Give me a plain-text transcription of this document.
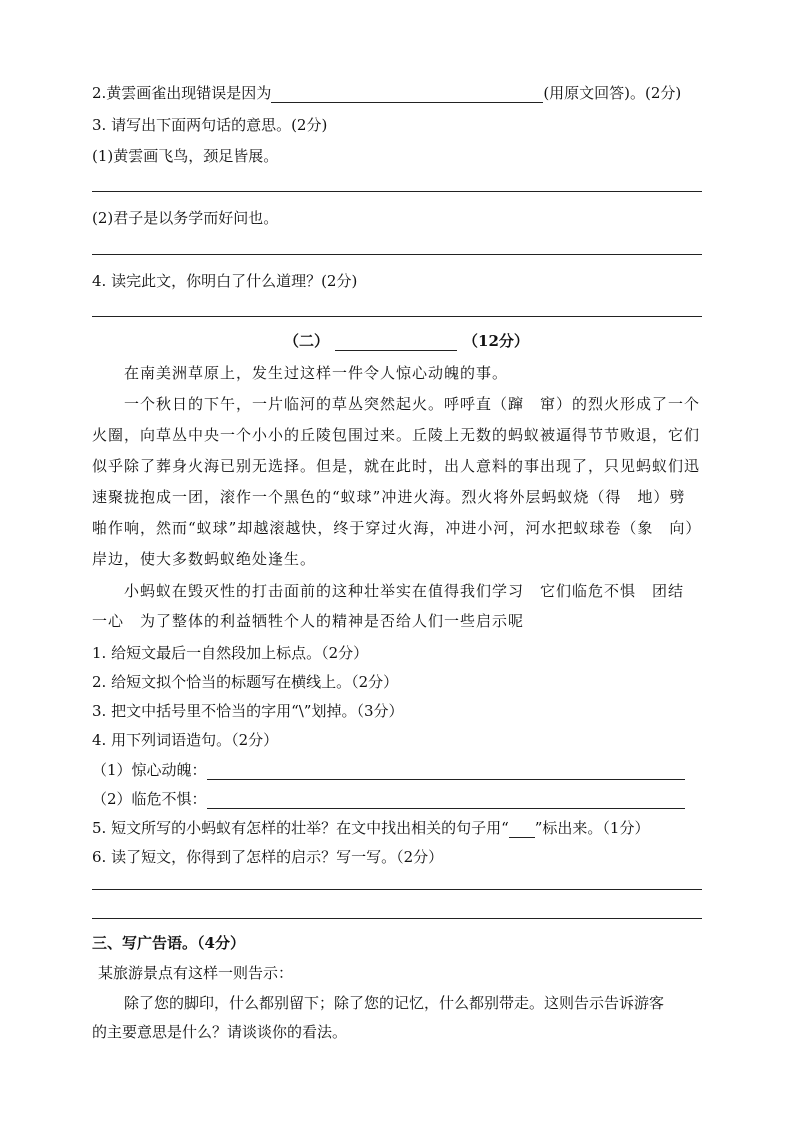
2.黄雲画雀出现错误是因为	(用原文回答)。(2分)
3. 请写出下面两句话的意思。(2分)
(1)黄雲画飞鸟，颈足皆展。
(2)君子是以务学而好问也。
4. 读完此文，你明白了什么道理？(2分)
（二）	（12分）
在南美洲草原上，发生过这样一件令人惊心动魄的事。
一个秋日的下午，一片临河的草丛突然起火。呼呼直（蹿　窜）的烈火形成了一个
火圈，向草丛中央一个小小的丘陵包围过来。丘陵上无数的蚂蚁被逼得节节败退，它们
似乎除了葬身火海已别无选择。但是，就在此时，出人意料的事出现了，只见蚂蚁们迅
速聚拢抱成一团，滚作一个黑色的“蚁球”冲进火海。烈火将外层蚂蚁烧（得　地）劈
啪作响，然而“蚁球”却越滚越快，终于穿过火海，冲进小河，河水把蚁球卷（象　向）
岸边，使大多数蚂蚁绝处逢生。
小蚂蚁在毁灭性的打击面前的这种壮举实在值得我们学习　它们临危不惧　团结
一心　为了整体的利益牺牲个人的精神是否给人们一些启示呢
1. 给短文最后一自然段加上标点。（2分）
2. 给短文拟个恰当的标题写在横线上。（2分）
3. 把文中括号里不恰当的字用“\”划掉。（3分）
4. 用下列词语造句。（2分）
（1）惊心动魄：
（2）临危不惧：
5. 短文所写的小蚂蚁有怎样的壮举？在文中找出相关的句子用“ ”标出来。（1分）
6. 读了短文，你得到了怎样的启示？写一写。（2分）
三、写广告语。（4分）
某旅游景点有这样一则告示：
除了您的脚印，什么都别留下；除了您的记忆，什么都别带走。这则告示告诉游客
的主要意思是什么？请谈谈你的看法。
